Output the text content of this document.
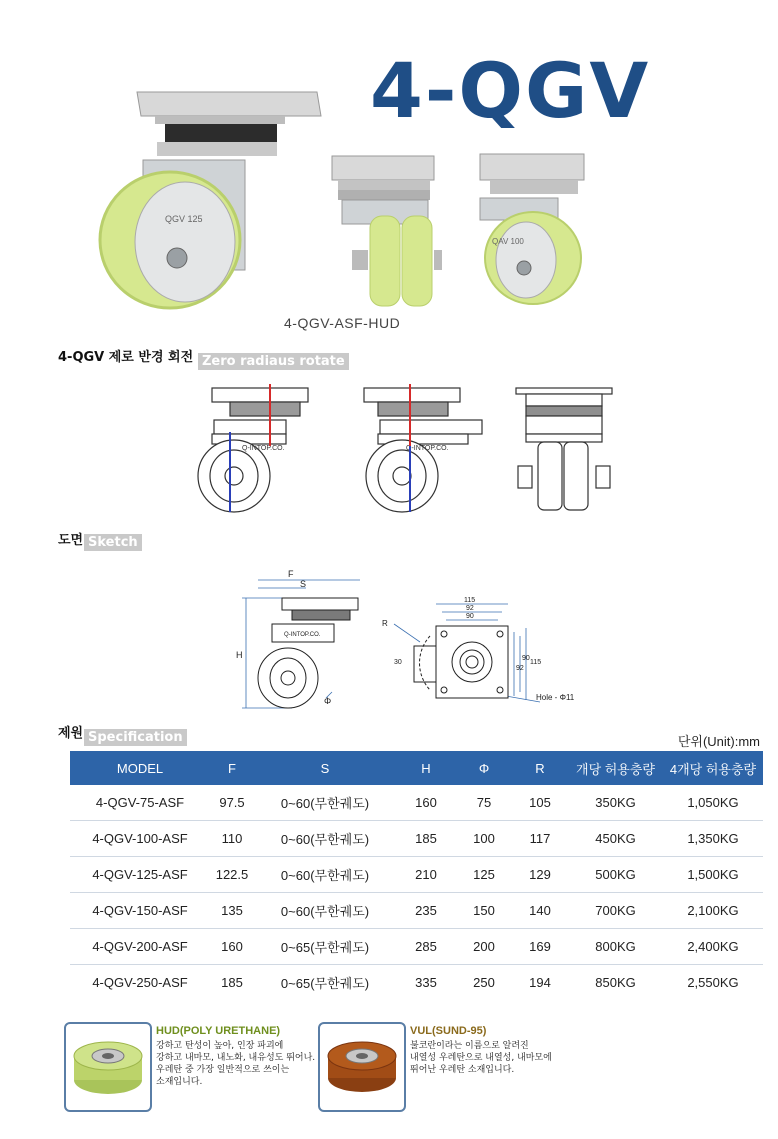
QGV 125
QAV 100
4-QGV
4-QGV-ASF-HUD
4-QGV 제로 반경 회전 Zero radiaus rotate
Q-INTOP.CO.	Q-INTOP.CO.
도면 Sketch
F
S
H
Φ
Q-INTOP.CO.
115
92
90
R
30
92
90
115
Hole - Φ11
제원 Specification	단위(Unit):mm
MODEL	F	S	H	Φ	R	개당 허용충량	4개당 허용충량
4-QGV-75-ASF	97.5	0~60(무한궤도)	160	75	105	350KG	1,050KG
4-QGV-100-ASF	110	0~60(무한궤도)	185	100	117	450KG	1,350KG
4-QGV-125-ASF	122.5	0~60(무한궤도)	210	125	129	500KG	1,500KG
4-QGV-150-ASF	135	0~60(무한궤도)	235	150	140	700KG	2,100KG
4-QGV-200-ASF	160	0~65(무한궤도)	285	200	169	800KG	2,400KG
4-QGV-250-ASF	185	0~65(무한궤도)	335	250	194	850KG	2,550KG
HUD(POLY URETHANE)
강하고 탄성이 높아, 인장 파괴에
강하고 내마모, 내노화, 내유성도 뛰어나.
우레탄 중 가장 일반적으로 쓰이는
소재입니다.
VUL(SUND-95)
불코란이라는 이름으로 알려진
내열성 우레탄으로 내열성, 내마모에
뛰어난 우레탄 소재입니다.
